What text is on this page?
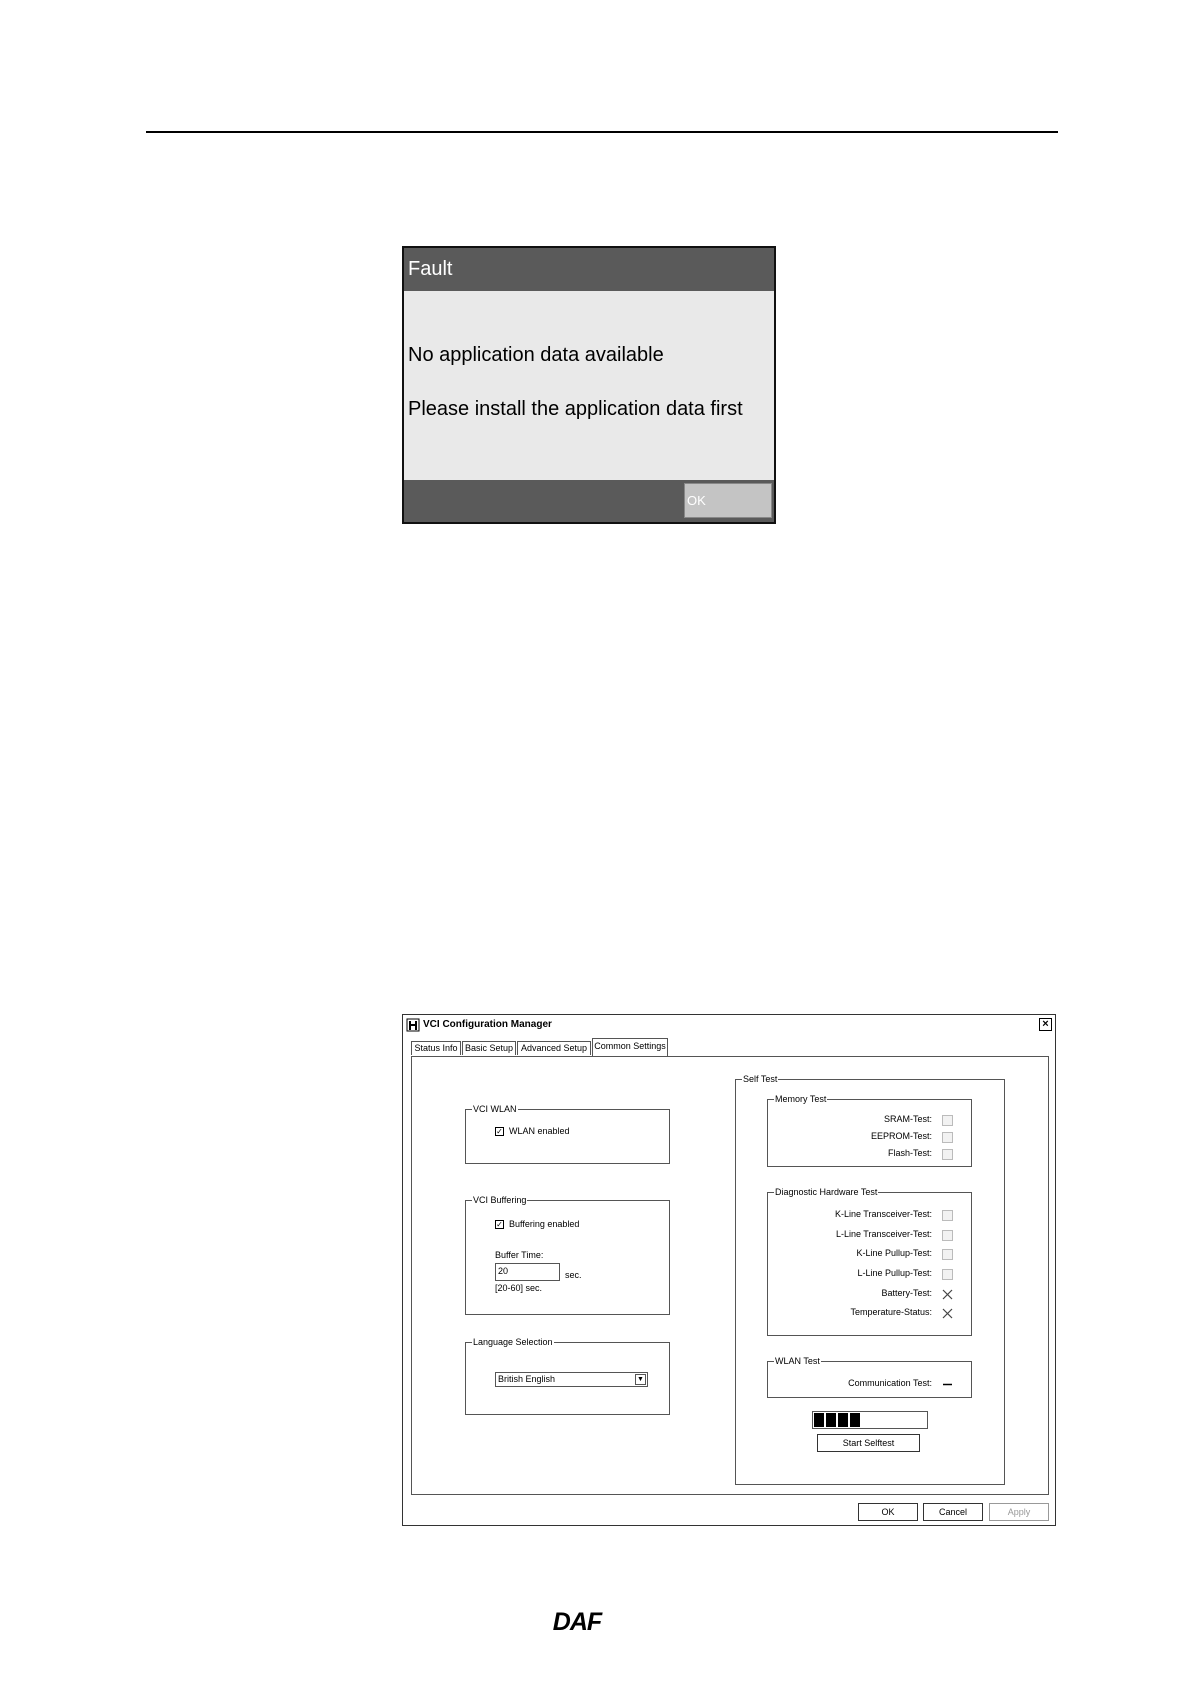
Fault

No application data available

Please install the application data first

OK
VCI Configuration Manager	×
Status Info Basic Setup Advanced Setup Common Settings
VCI WLAN
✓ WLAN enabled
VCI Buffering
✓ Buffering enabled
Buffer Time:
20	sec.
[20-60] sec.
Language Selection
British English	▼
Self Test
Memory Test
SRAM-Test:
EEPROM-Test:
Flash-Test:
Diagnostic Hardware Test
K-Line Transceiver-Test:
L-Line Transceiver-Test:
K-Line Pullup-Test:
L-Line Pullup-Test:
Battery-Test:
Temperature-Status:
WLAN Test
Communication Test:
Start Selftest
OK	Cancel	Apply
DAF
